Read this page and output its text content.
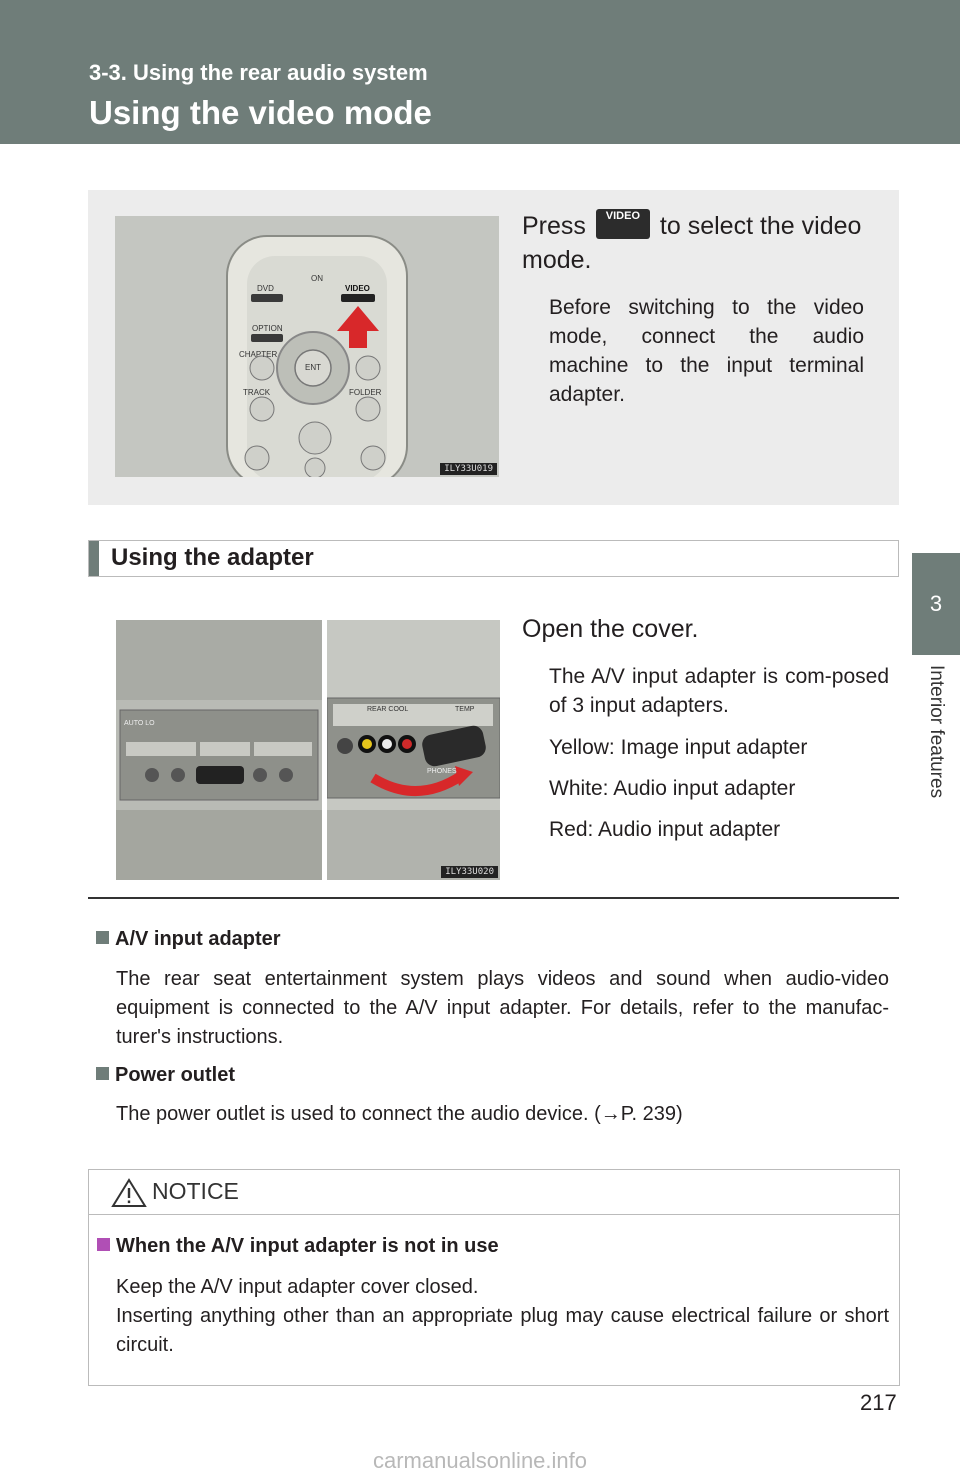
3-3. Using the rear audio system
Using the video mode
3
Interior features
ON
DVD	VIDEO
OPTION
CHAPTER
TRACK	FOLDER
ENT
ILY33U019
Press VIDEO to select the video
mode.
Before switching to the video mode, connect the audio machine to the input terminal adapter.
Using the adapter
AUTO LO
REAR COOL	TEMP
PHONES
ILY33U020
Open the cover.
The A/V input adapter is com-posed of 3 input adapters.
Yellow: Image input adapter
White: Audio input adapter
Red: Audio input adapter
A/V input adapter
The rear seat entertainment system plays videos and sound when audio-video equipment is connected to the A/V input adapter. For details, refer to the manufac-turer's instructions.
Power outlet
The power outlet is used to connect the audio device. (→P. 239)
NOTICE
When the A/V input adapter is not in use
Keep the A/V input adapter cover closed.
Inserting anything other than an appropriate plug may cause electrical failure or short circuit.
217
carmanualsonline.info
